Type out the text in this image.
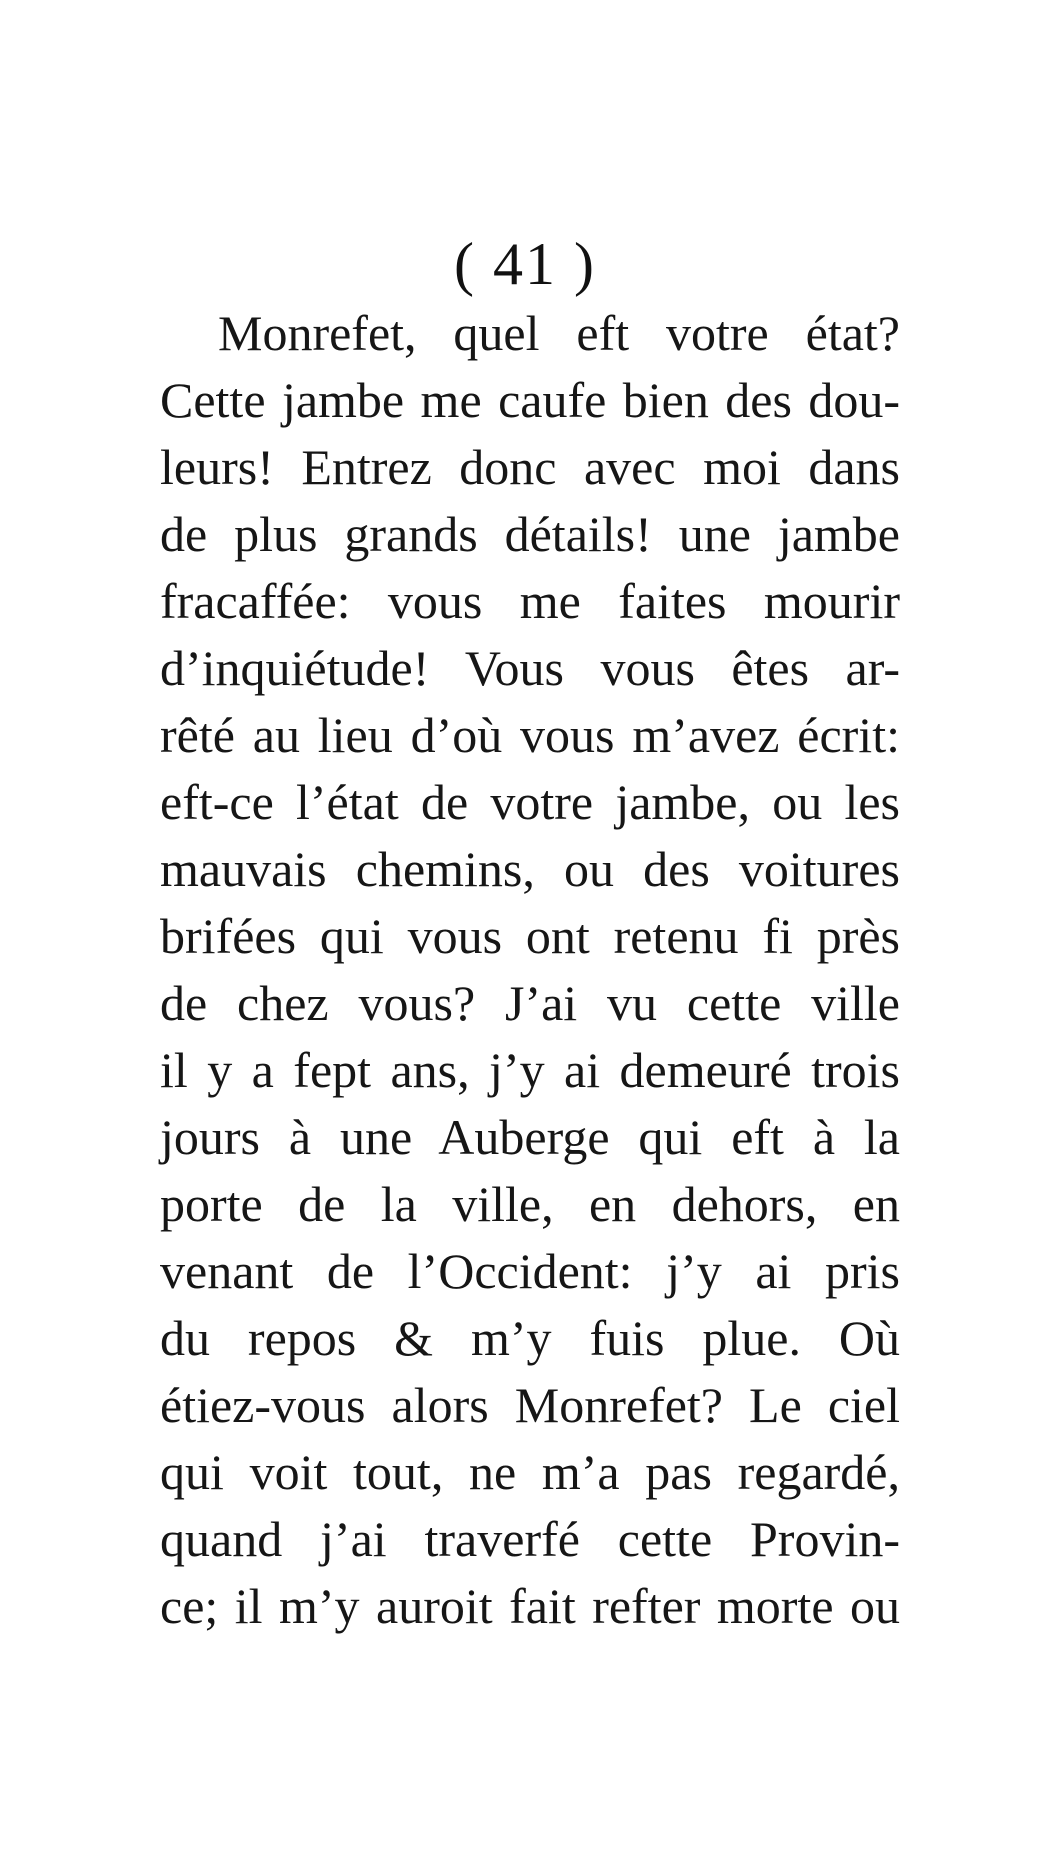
( 41 )
Monrefet, quel eft votre état?
Cette jambe me caufe bien des dou-
leurs! Entrez donc avec moi dans
de plus grands détails! une jambe
fracaffée: vous me faites mourir
d’inquiétude! Vous vous êtes ar-
rêté au lieu d’où vous m’avez écrit:
eft-ce l’état de votre jambe, ou les
mauvais chemins, ou des voitures
brifées qui vous ont retenu fi près
de chez vous? J’ai vu cette ville
il y a fept ans, j’y ai demeuré trois
jours à une Auberge qui eft à la
porte de la ville, en dehors, en
venant de l’Occident: j’y ai pris
du repos & m’y fuis plue. Où
étiez-vous alors Monrefet? Le ciel
qui voit tout, ne m’a pas regardé,
quand j’ai traverfé cette Provin-
ce; il m’y auroit fait refter morte ou
